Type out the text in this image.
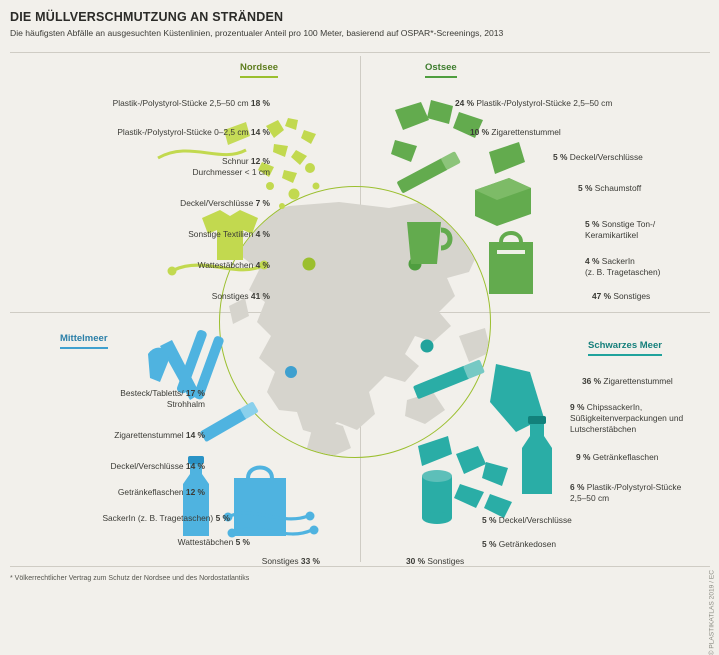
DIE MÜLLVERSCHMUTZUNG AN STRÄNDEN
Die häufigsten Abfälle an ausgesuchten Küstenlinien, prozentualer Anteil pro 100 Meter, basierend auf OSPAR*-Screenings, 2013
Nordsee
Plastik-/Polystyrol-Stücke 2,5–50 cm 18 %
Plastik-/Polystyrol-Stücke 0–2,5 cm 14 %
Schnur 12 %
Durchmesser < 1 cm
Deckel/Verschlüsse 7 %
Sonstige Textilien 4 %
Wattestäbchen 4 %
Sonstiges 41 %
Ostsee
24 % Plastik-/Polystyrol-Stücke 2,5–50 cm
10 % Zigarettenstummel
5 % Deckel/Verschlüsse
5 % Schaumstoff
5 % Sonstige Ton-/
Keramikartikel
4 % SackerIn
(z. B. Tragetaschen)
47 % Sonstiges
Mittelmeer
Besteck/Tabletts/ 17 %
Strohhalm
Zigarettenstummel 14 %
Deckel/Verschlüsse 14 %
Getränkeflaschen 12 %
SackerIn (z. B. Tragetaschen) 5 %
Wattestäbchen 5 %
Sonstiges 33 %
Schwarzes Meer
36 % Zigarettenstummel
9 % ChipssackerIn,
Süßigkeitenverpackungen und Lutscherstäbchen
9 % Getränkeflaschen
6 % Plastik-/Polystyrol-Stücke
2,5–50 cm
5 % Deckel/Verschlüsse
5 % Getränkedosen
30 % Sonstiges
* Völkerrechtlicher Vertrag zum Schutz der Nordsee und des Nordostatlantiks	© PLASTIKATLAS 2019 / EC
